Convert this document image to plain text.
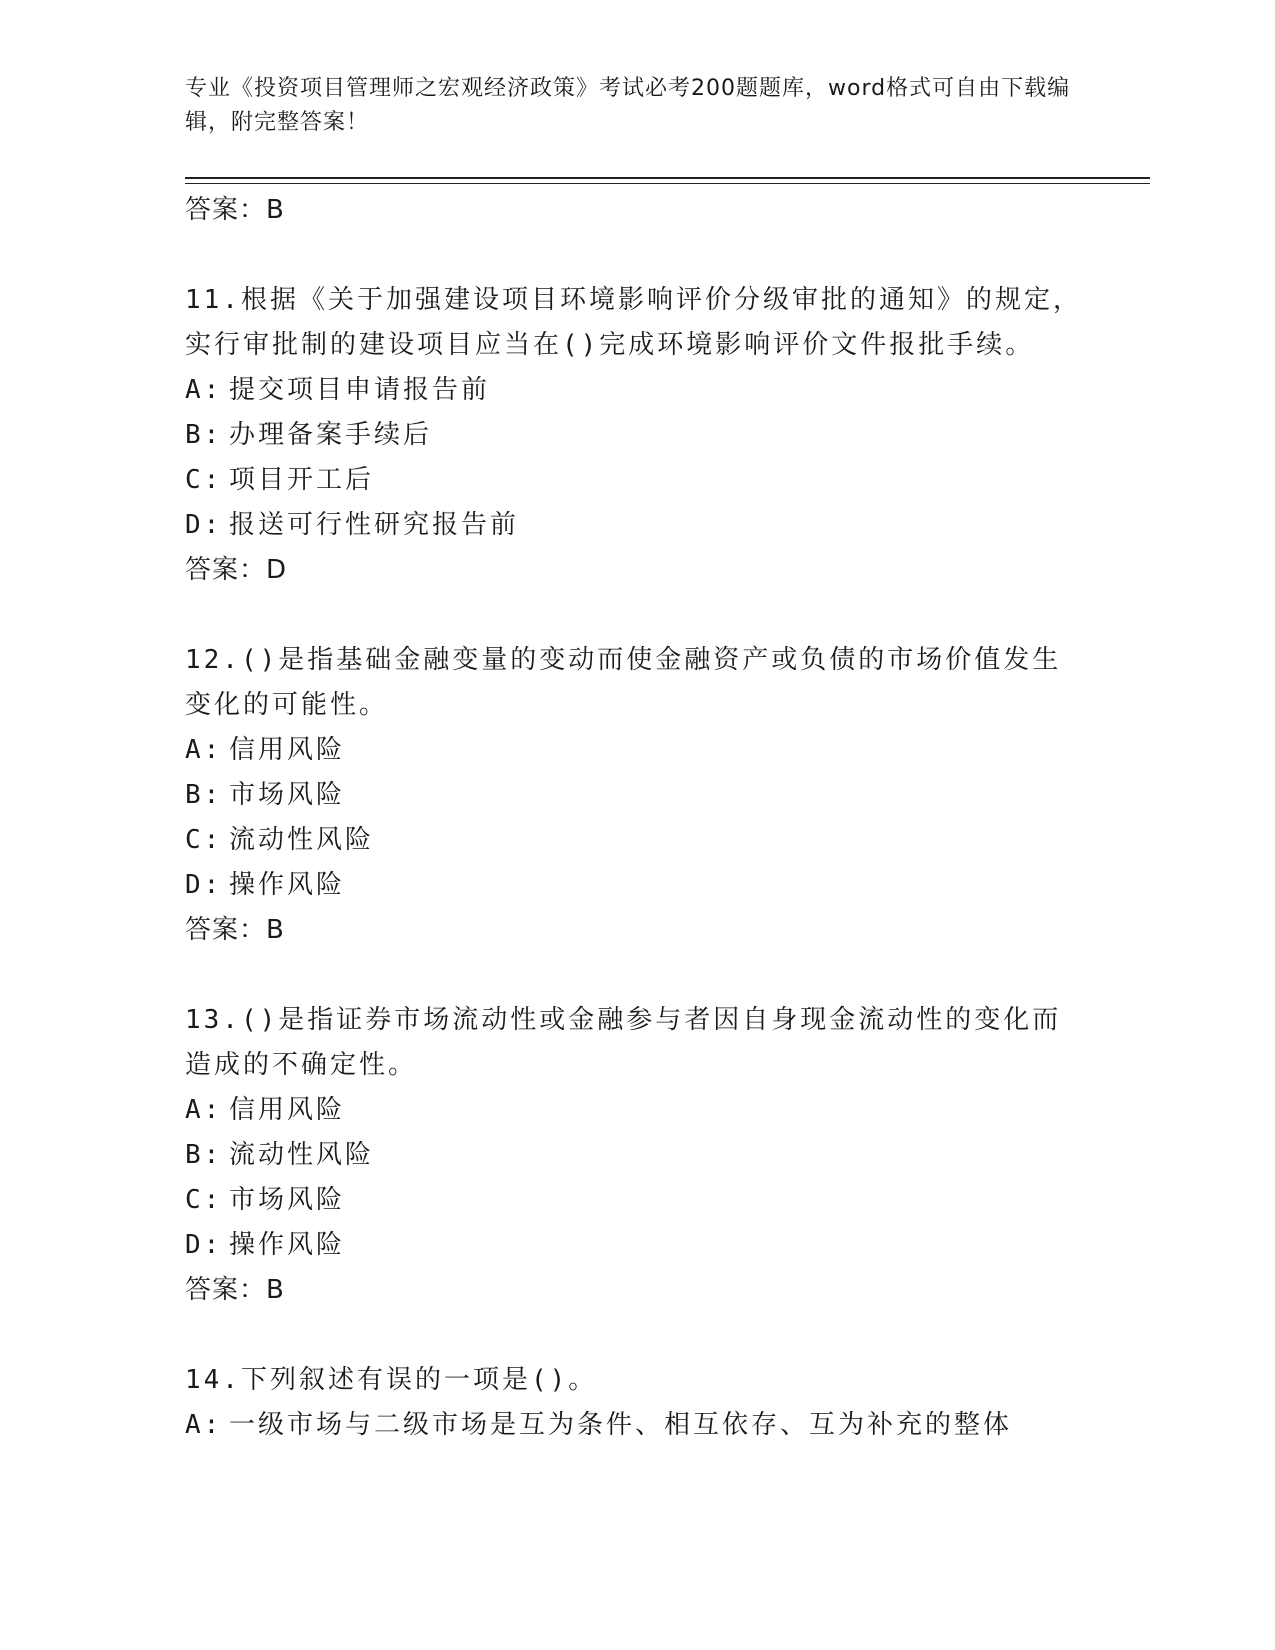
专业《投资项目管理师之宏观经济政策》考试必考200题题库，word格式可自由下载编辑，附完整答案！
答案：B
11.根据《关于加强建设项目环境影响评价分级审批的通知》的规定，实行审批制的建设项目应当在()完成环境影响评价文件报批手续。
A: 提交项目申请报告前
B: 办理备案手续后
C: 项目开工后
D: 报送可行性研究报告前
答案：D
12.()是指基础金融变量的变动而使金融资产或负债的市场价值发生变化的可能性。
A: 信用风险
B: 市场风险
C: 流动性风险
D: 操作风险
答案：B
13.()是指证券市场流动性或金融参与者因自身现金流动性的变化而造成的不确定性。
A: 信用风险
B: 流动性风险
C: 市场风险
D: 操作风险
答案：B
14.下列叙述有误的一项是()。
A: 一级市场与二级市场是互为条件、相互依存、互为补充的整体
